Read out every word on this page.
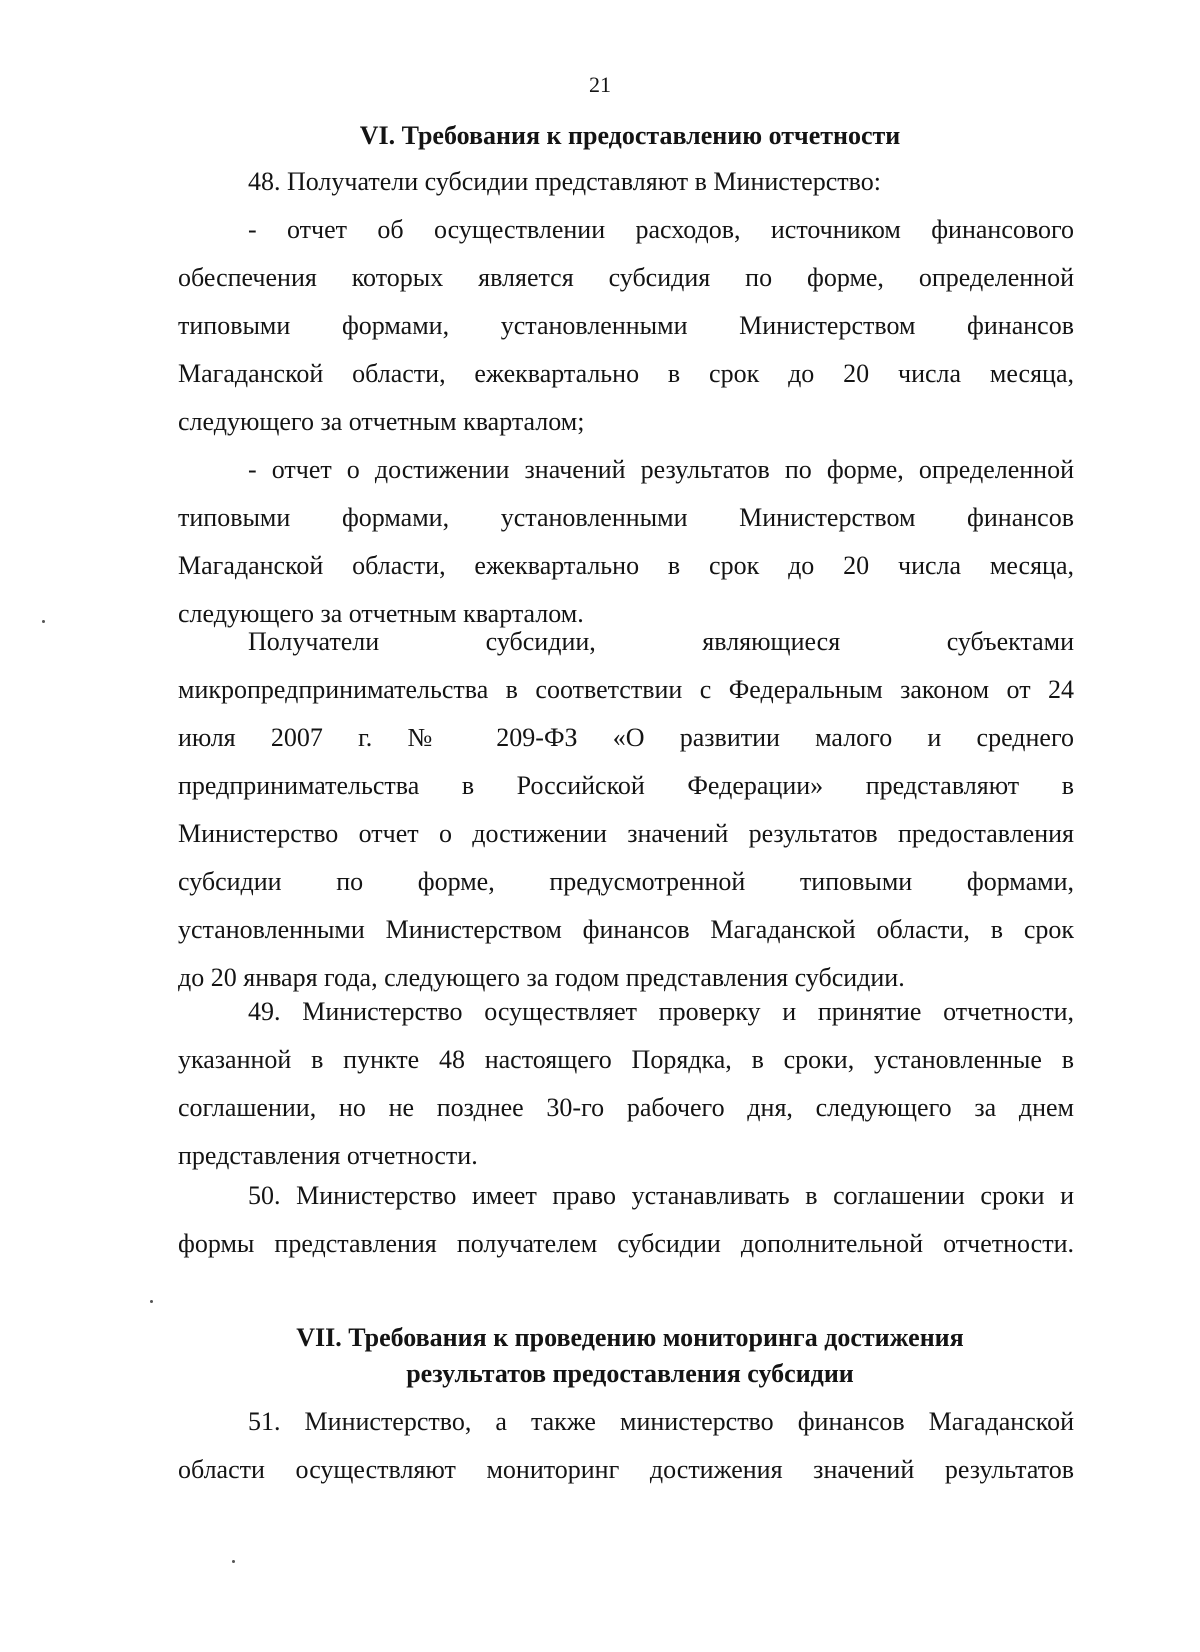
21
VI. Требования к предоставлению отчетности
48. Получатели субсидии представляют в Министерство:
- отчет об осуществлении расходов, источником финансового
обеспечения которых является субсидия по форме, определенной
типовыми формами, установленными Министерством финансов
Магаданской области, ежеквартально в срок до 20 числа месяца,
следующего за отчетным кварталом;
- отчет о достижении значений результатов по форме, определенной
типовыми формами, установленными Министерством финансов
Магаданской области, ежеквартально в срок до 20 числа месяца,
следующего за отчетным кварталом.
Получатели субсидии, являющиеся субъектами
микропредпринимательства в соответствии с Федеральным законом от 24
июля 2007 г. № 209-ФЗ «О развитии малого и среднего
предпринимательства в Российской Федерации» представляют в
Министерство отчет о достижении значений результатов предоставления
субсидии по форме, предусмотренной типовыми формами,
установленными Министерством финансов Магаданской области, в срок
до 20 января года, следующего за годом представления субсидии.
49. Министерство осуществляет проверку и принятие отчетности,
указанной в пункте 48 настоящего Порядка, в сроки, установленные в
соглашении, но не позднее 30-го рабочего дня, следующего за днем
представления отчетности.
50. Министерство имеет право устанавливать в соглашении сроки и
формы представления получателем субсидии дополнительной отчетности.
VII. Требования к проведению мониторинга достижения
результатов предоставления субсидии
51. Министерство, а также министерство финансов Магаданской
области осуществляют мониторинг достижения значений результатов
